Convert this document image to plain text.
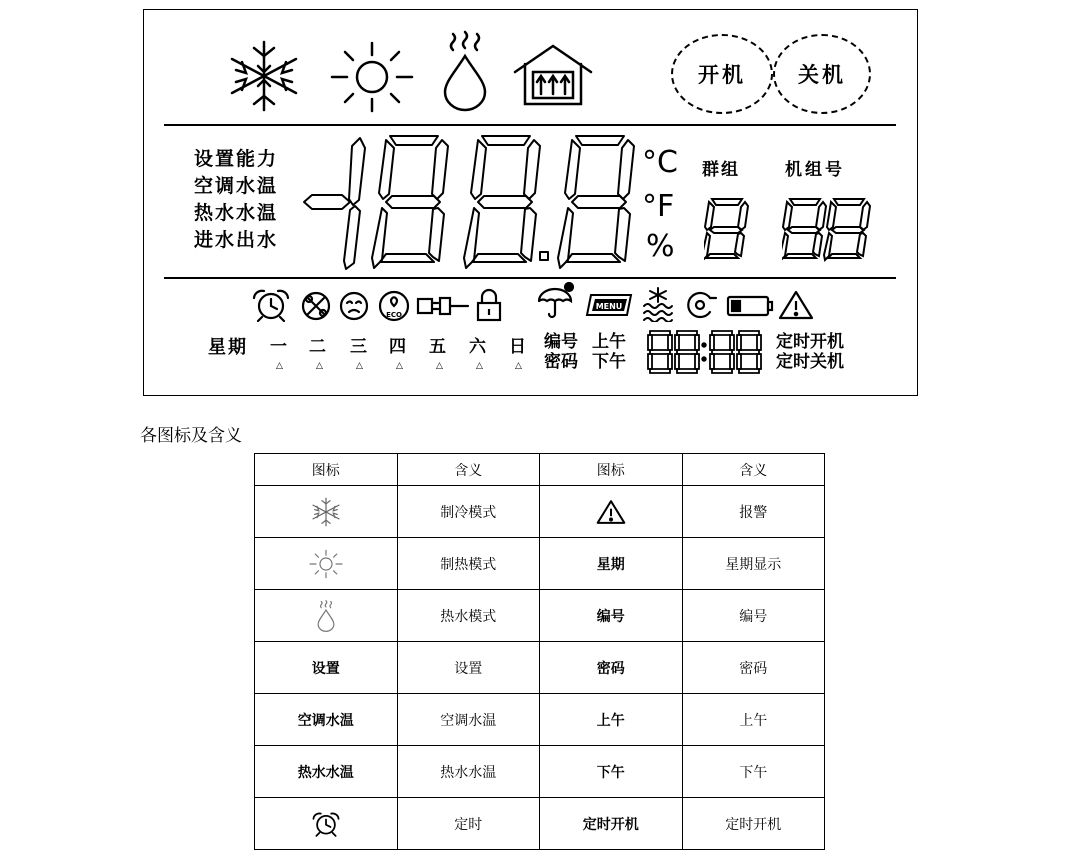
开机 关机
设置能力
空调水温
热水水温
进水出水
°C
°F
%
群组	机组号
ECO
MENU
星期 一 二 三 四 五 六 日
△	△	△	△	△	△	△
编号
密码
上午
下午
定时开机
定时关机
各图标及含义
图标	含义	图标	含义
	制冷模式		报警
	制热模式	星期	星期显示
	热水模式	编号	编号
设置	设置	密码	密码
空调水温	空调水温	上午	上午
热水水温	热水水温	下午	下午
	定时	定时开机	定时开机
